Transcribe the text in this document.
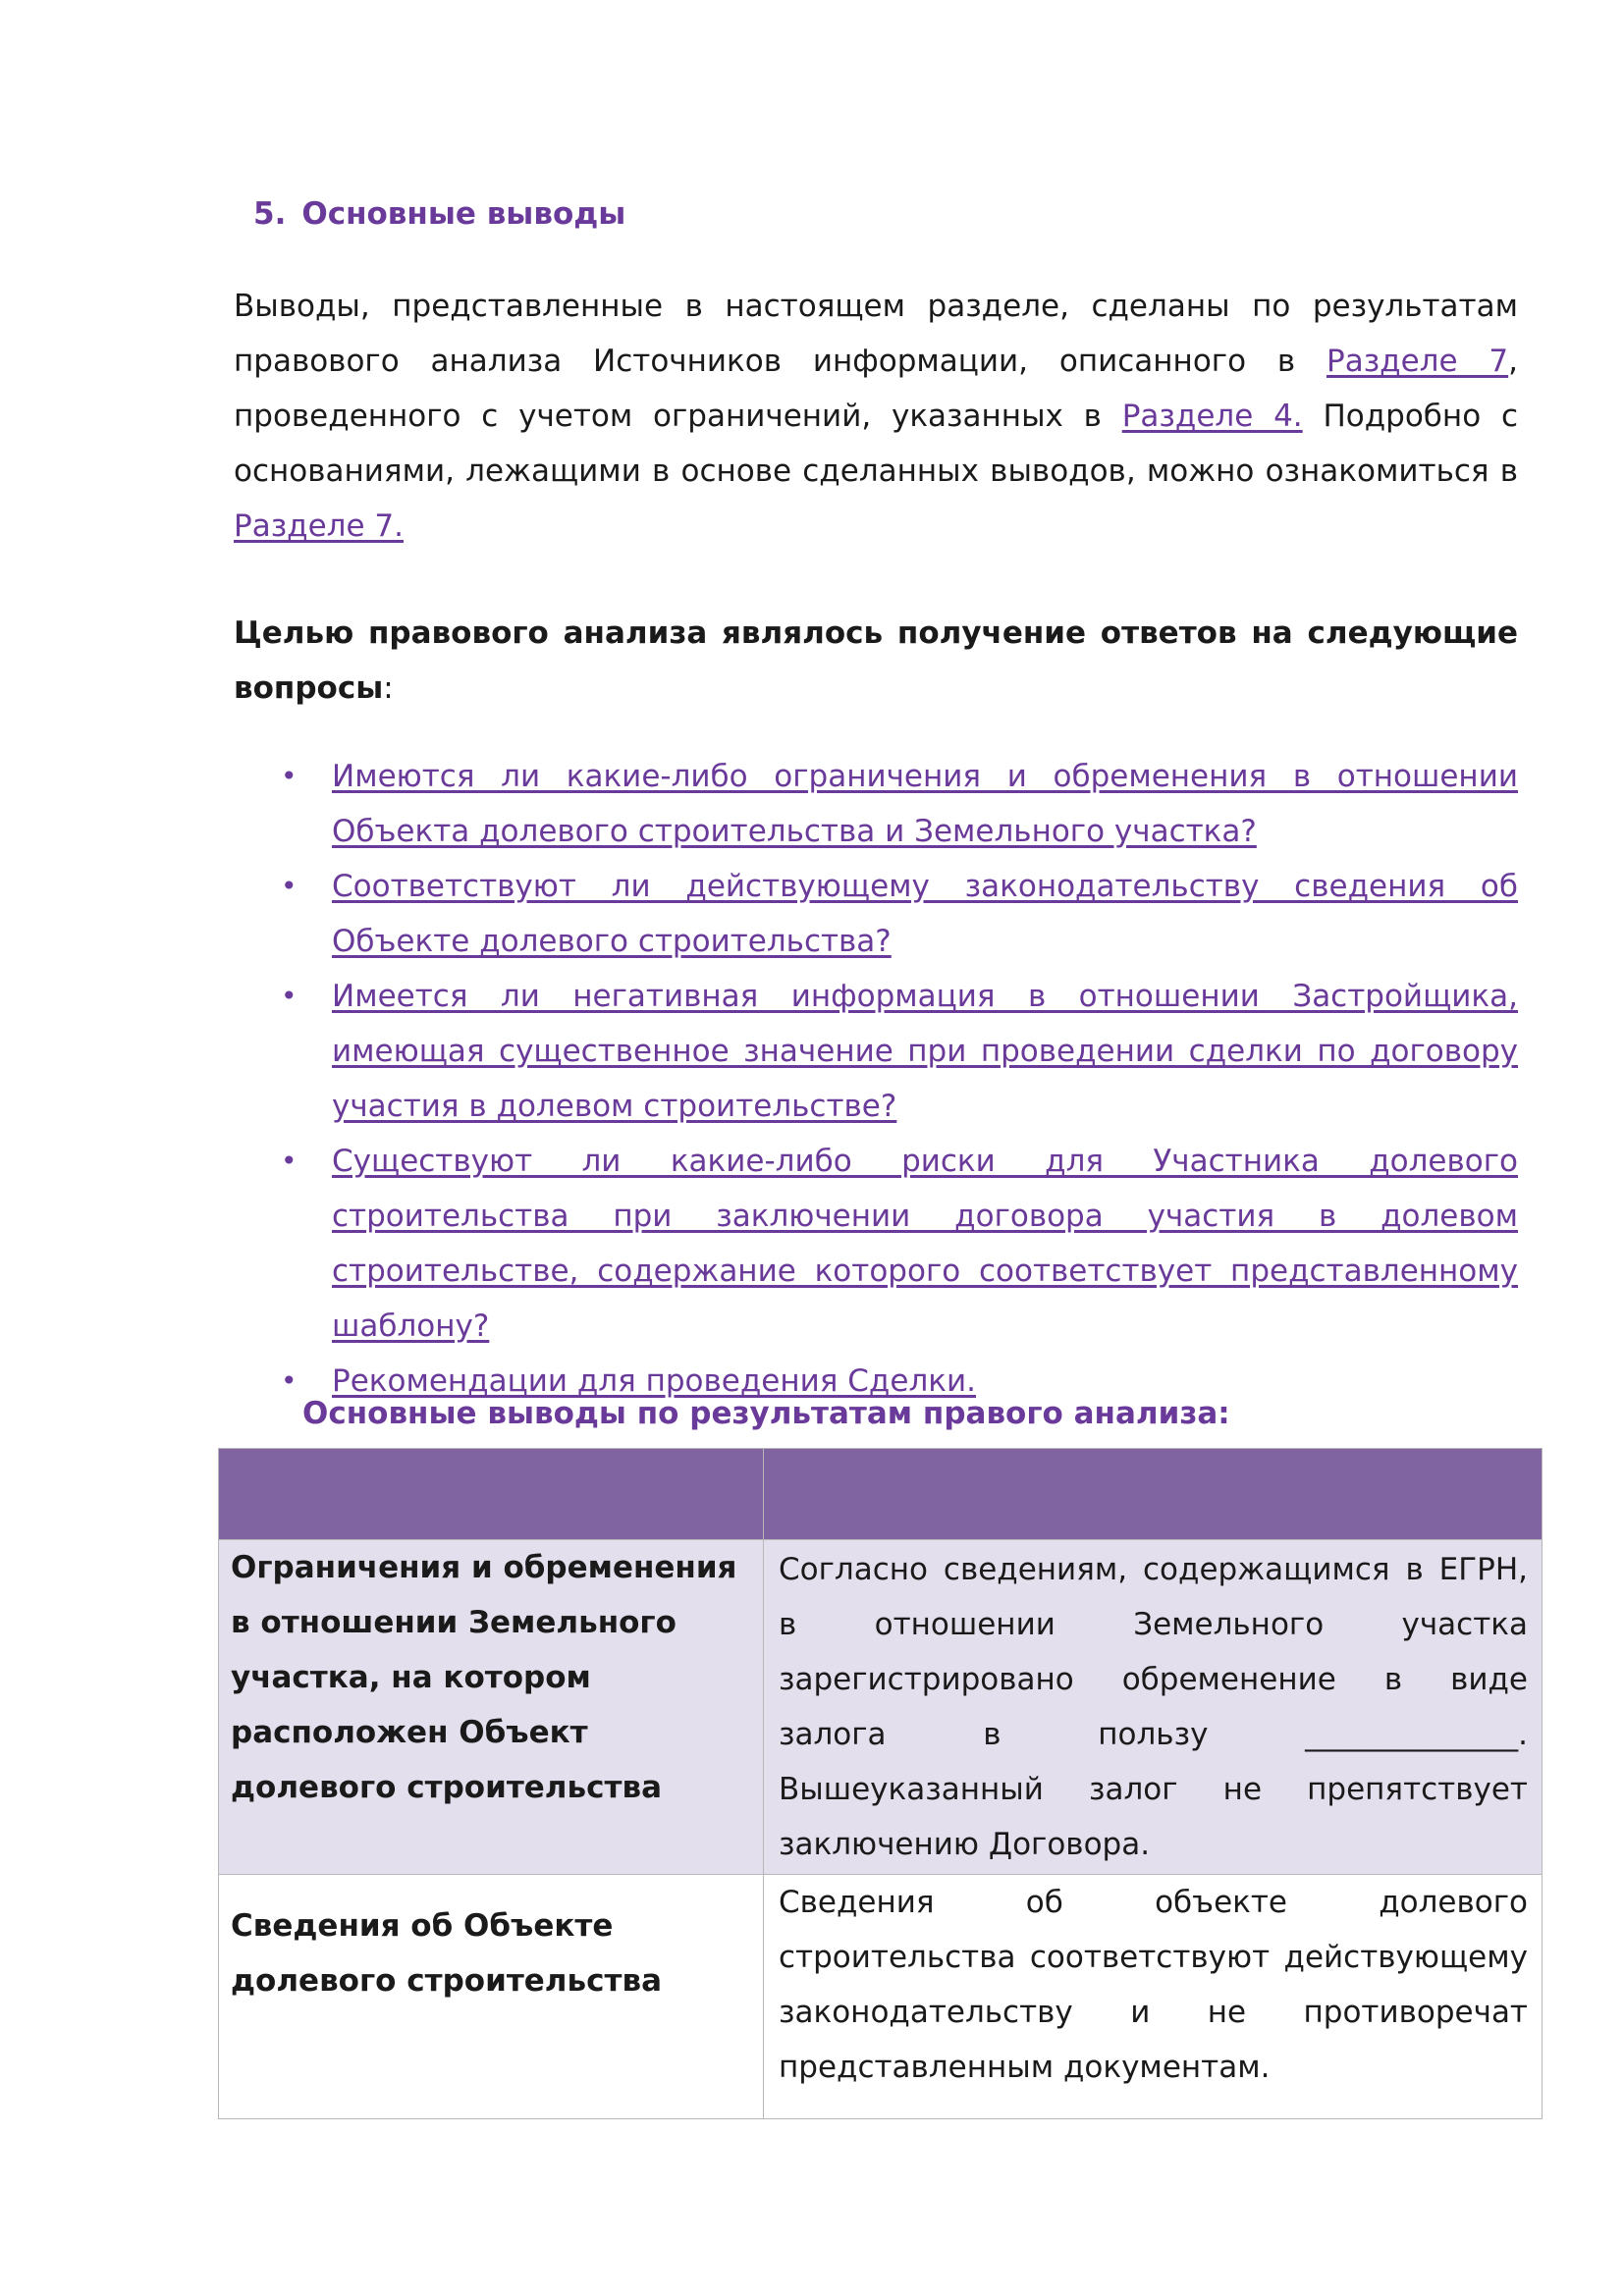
5. Основные выводы

Выводы, представленные в настоящем разделе, сделаны по результатам правового анализа Источников информации, описанного в Разделе 7, проведенного с учетом ограничений, указанных в Разделе 4. Подробно с основаниями, лежащими в основе сделанных выводов, можно ознакомиться в Разделе 7.

Целью правового анализа являлось получение ответов на следующие вопросы:

• Имеются ли какие-либо ограничения и обременения в отношении Объекта долевого строительства и Земельного участка?
• Соответствуют ли действующему законодательству сведения об Объекте долевого строительства?
• Имеется ли негативная информация в отношении Застройщика, имеющая существенное значение при проведении сделки по договору участия в долевом строительстве?
• Существуют ли какие-либо риски для Участника долевого строительства при заключении договора участия в долевом строительстве, содержание которого соответствует представленному шаблону?
• Рекомендации для проведения Сделки.
Основные выводы по результатам правого анализа:

Ограничения и обременения в отношении Земельного участка, на котором расположен Объект долевого строительства	Согласно сведениям, содержащимся в ЕГРН, в отношении Земельного участка зарегистрировано обременение в виде залога в пользу ______________. Вышеуказанный залог не препятствует заключению Договора.
Сведения об Объекте долевого строительства	Сведения об объекте долевого строительства соответствуют действующему законодательству и не противоречат представленным документам.
